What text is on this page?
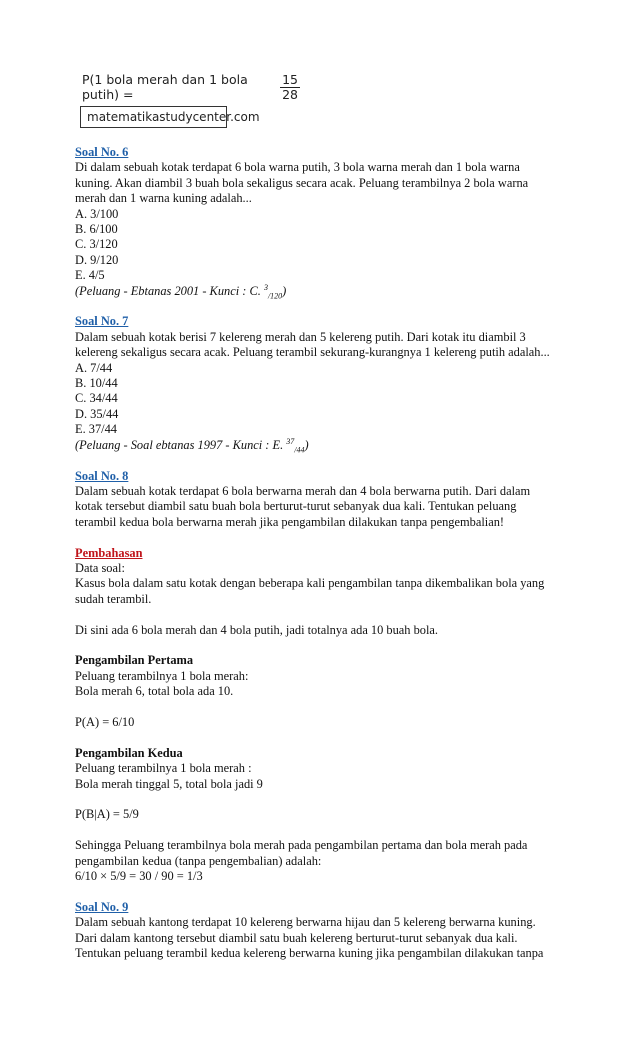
P(1 bola merah dan 1 bola putih) =	$\frac{15}{28}$
matematikastudycenter.com
Soal No. 6
Di dalam sebuah kotak terdapat 6 bola warna putih, 3 bola warna merah dan 1 bola warna
kuning. Akan diambil 3 buah bola sekaligus secara acak. Peluang terambilnya 2 bola warna
merah dan 1 warna kuning adalah...
A. 3/100
B. 6/100
C. 3/120
D. 9/120
E. 4/5
(Peluang - Ebtanas 2001 - Kunci : C. $^3_{/120}$)
Soal No. 7
Dalam sebuah kotak berisi 7 kelereng merah dan 5 kelereng putih. Dari kotak itu diambil 3
kelereng sekaligus secara acak. Peluang terambil sekurang-kurangnya 1 kelereng putih adalah...
A. 7/44
B. 10/44
C. 34/44
D. 35/44
E. 37/44
(Peluang - Soal ebtanas 1997 - Kunci : E. $^{37}_{/44}$)
Soal No. 8
Dalam sebuah kotak terdapat 6 bola berwarna merah dan 4 bola berwarna putih. Dari dalam
kotak tersebut diambil satu buah bola berturut-turut sebanyak dua kali. Tentukan peluang
terambil kedua bola berwarna merah jika pengambilan dilakukan tanpa pengembalian!
Pembahasan
Data soal:
Kasus bola dalam satu kotak dengan beberapa kali pengambilan tanpa dikembalikan bola yang
sudah terambil.
Di sini ada 6 bola merah dan 4 bola putih, jadi totalnya ada 10 buah bola.
Pengambilan Pertama
Peluang terambilnya 1 bola merah:
Bola merah 6, total bola ada 10.
P(A) = 6/10
Pengambilan Kedua
Peluang terambilnya 1 bola merah :
Bola merah tinggal 5, total bola jadi 9
P(B|A) = 5/9
Sehingga Peluang terambilnya bola merah pada pengambilan pertama dan bola merah pada
pengambilan kedua (tanpa pengembalian) adalah:
6/10 × 5/9 = 30 / 90 = 1/3
Soal No. 9
Dalam sebuah kantong terdapat 10 kelereng berwarna hijau dan 5 kelereng berwarna kuning.
Dari dalam kantong tersebut diambil satu buah kelereng berturut-turut sebanyak dua kali.
Tentukan peluang terambil kedua kelereng berwarna kuning jika pengambilan dilakukan tanpa
